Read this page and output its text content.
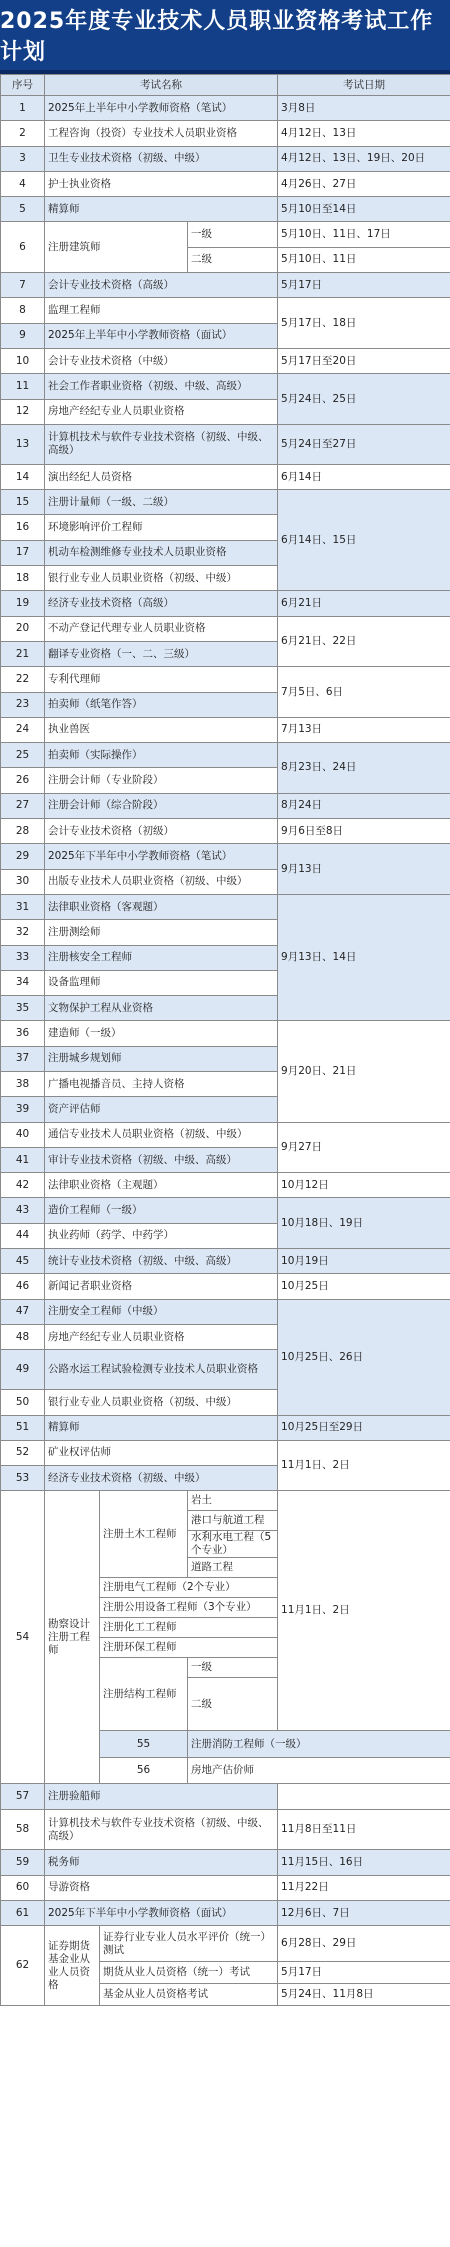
2025年度专业技术人员职业资格考试工作计划
序号	考试名称			考试日期	
1	2025年上半年中小学教师资格（笔试）			3月8日	
2	工程咨询（投资）专业技术人员职业资格			4月12日、13日	
3	卫生专业技术资格（初级、中级）			4月12日、13日、19日、20日	
4	护士执业资格			4月26日、27日	
5	精算师			5月10日至14日	
6	注册建筑师		一级	5月10日、11日、17日	
			二级	5月10日、11日	
7	会计专业技术资格（高级）			5月17日	
8	监理工程师			5月17日、18日	
9	2025年上半年中小学教师资格（面试）				
10	会计专业技术资格（中级）			5月17日至20日	
11	社会工作者职业资格（初级、中级、高级）			5月24日、25日	
12	房地产经纪专业人员职业资格				
13	计算机技术与软件专业技术资格（初级、中级、高级）			5月24日至27日	
14	演出经纪人员资格			6月14日	
15	注册计量师（一级、二级）			6月14日、15日	
16	环境影响评价工程师				
17	机动车检测维修专业技术人员职业资格				
18	银行业专业人员职业资格（初级、中级）				
19	经济专业技术资格（高级）			6月21日	
20	不动产登记代理专业人员职业资格			6月21日、22日	
21	翻译专业资格（一、二、三级）				
22	专利代理师			7月5日、6日	
23	拍卖师（纸笔作答）				
24	执业兽医			7月13日	
25	拍卖师（实际操作）			8月23日、24日	
26	注册会计师（专业阶段）				
27	注册会计师（综合阶段）			8月24日	
28	会计专业技术资格（初级）			9月6日至8日	
29	2025年下半年中小学教师资格（笔试）			9月13日	
30	出版专业技术人员职业资格（初级、中级）				
31	法律职业资格（客观题）			9月13日、14日	
32	注册测绘师				
33	注册核安全工程师				
34	设备监理师				
35	文物保护工程从业资格				
36	建造师（一级）			9月20日、21日	
37	注册城乡规划师				
38	广播电视播音员、主持人资格				
39	资产评估师				
40	通信专业技术人员职业资格（初级、中级）			9月27日	
41	审计专业技术资格（初级、中级、高级）				
42	法律职业资格（主观题）			10月12日	
43	造价工程师（一级）			10月18日、19日	
44	执业药师（药学、中药学）				
45	统计专业技术资格（初级、中级、高级）			10月19日	
46	新闻记者职业资格			10月25日	
47	注册安全工程师（中级）			10月25日、26日	
48	房地产经纪专业人员职业资格				
49	公路水运工程试验检测专业技术人员职业资格				
50	银行业专业人员职业资格（初级、中级）				
51	精算师			10月25日至29日	
52	矿业权评估师			11月1日、2日	
53	经济专业技术资格（初级、中级）				
54	勘察设计注册工程师	注册土木工程师	岩土	11月1日、2日	
			港口与航道工程		
			水利水电工程（5个专业）		
			道路工程		
		注册电气工程师（2个专业）			
		注册公用设备工程师（3个专业）			
		注册化工工程师			
		注册环保工程师			
		注册结构工程师	一级		
			二级	
		55	注册消防工程师（一级）	
		56	房地产估价师		
57	注册验船师				
58	计算机技术与软件专业技术资格（初级、中级、高级）			11月8日至11日	
59	税务师			11月15日、16日	
60	导游资格			11月22日	
61	2025年下半年中小学教师资格（面试）			12月6日、7日	
62	证券期货基金业从业人员资格	证券行业专业人员水平评价（统一）测试		6月28日、29日	
		期货从业人员资格（统一）考试		5月17日	
		基金从业人员资格考试		5月24日、11月8日	
